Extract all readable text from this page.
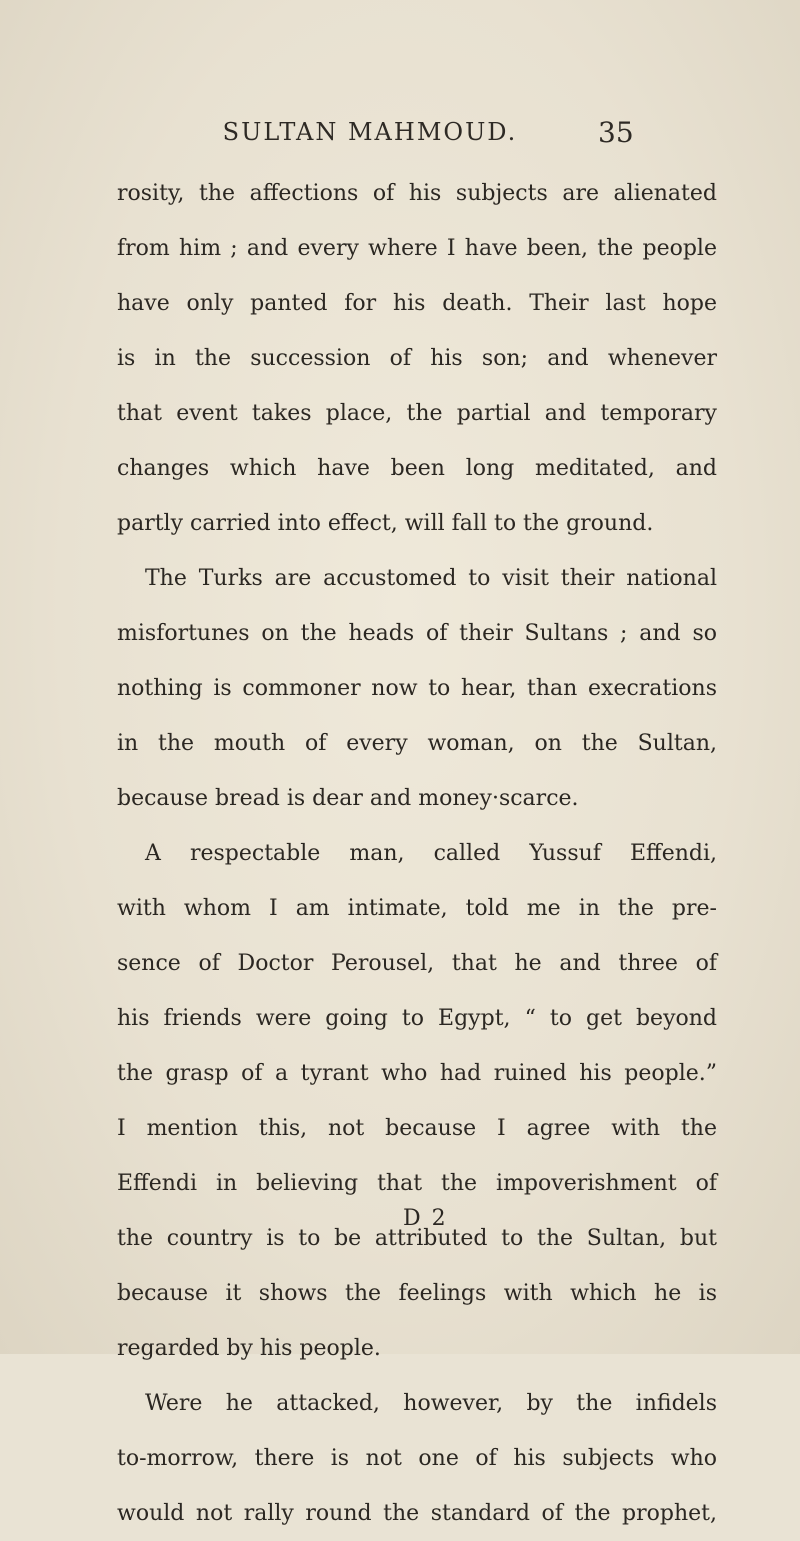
SULTAN MAHMOUD.	35
rosity, the affections of his subjects are alienated
from him ; and every where I have been, the people
have only panted for his death. Their last hope
is in the succession of his son; and whenever
that event takes place, the partial and temporary
changes which have been long meditated, and
partly carried into effect, will fall to the ground.
The Turks are accustomed to visit their national
misfortunes on the heads of their Sultans ; and so
nothing is commoner now to hear, than execrations
in the mouth of every woman, on the Sultan,
because bread is dear and money·scarce.
A respectable man, called Yussuf Effendi,
with whom I am intimate, told me in the pre-
sence of Doctor Perousel, that he and three of
his friends were going to Egypt, “ to get beyond
the grasp of a tyrant who had ruined his people.”
I mention this, not because I agree with the
Effendi in believing that the impoverishment of
the country is to be attributed to the Sultan, but
because it shows the feelings with which he is
regarded by his people.
Were he attacked, however, by the infidels
to-morrow, there is not one of his subjects who
would not rally round the standard of the prophet,
D 2
